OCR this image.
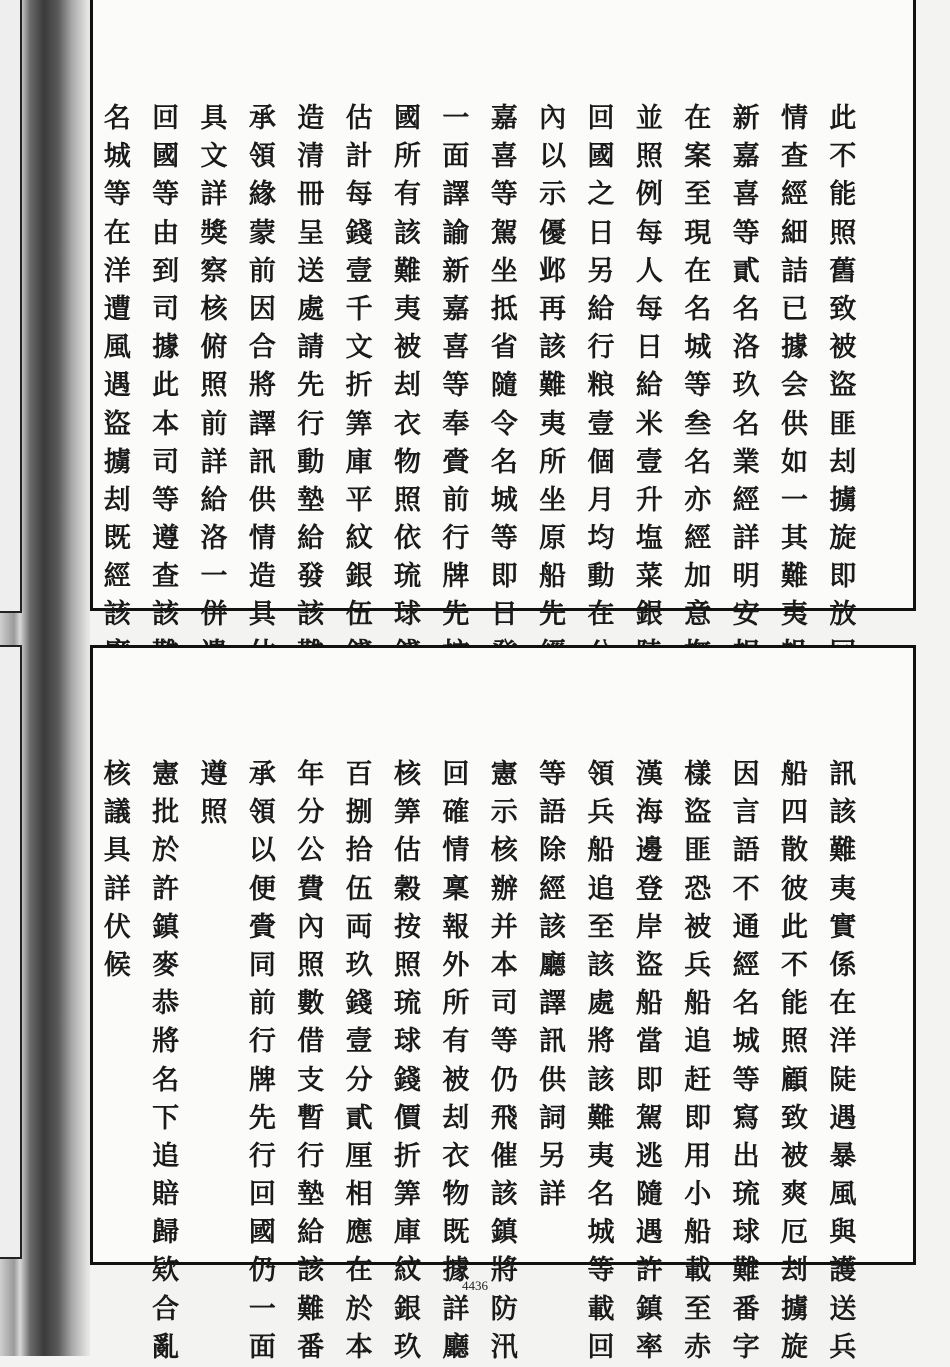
此
不
能
照
舊
致
被
盜
匪
刦
擄
旋
即
放
情
查
經
細
詰
已
據
会
供
如
一
其
難
夷
新
嘉
喜
等
貳
名
洛
玖
名
業
經
詳
明
安
在
案
至
現
在
名
城
等
叁
名
亦
經
加
意
並
照
例
每
人
每
日
給
米
壹
升
塩
菜
銀
回
國
之
日
另
給
行
粮
壹
個
月
均
動
在
內
以
示
優
邺
再
該
難
夷
所
坐
原
船
先
嘉
喜
等
駕
坐
抵
省
隨
令
名
城
等
即
日
一
面
譯
諭
新
嘉
喜
等
奉
賫
前
行
牌
先
國
所
有
該
難
夷
被
刦
衣
物
照
依
琉
球
估
計
每
錢
壹
千
文
折
筭
庫
平
紋
銀
伍
造
清
冊
呈
送
處
請
先
行
動
墊
給
發
該
承
領
緣
蒙
前
因
合
將
譯
訊
供
情
造
具
具
文
詳
獎
察
核
俯
照
前
詳
給
洛
一
併
回
國
等
由
到
司
據
此
本
司
等
遵
查
該
名
城
等
在
洋
遭
風
遇
盜
擄
刦
既
經
該
訊
該
難
夷
實
係
在
洋
陡
遇
暴
風
與
護
送
兵
船
四
散
彼
此
不
能
照
顧
致
被
爽
厄
刦
擄
旋
因
言
語
不
通
經
名
城
等
寫
出
琉
球
難
番
字
樣
盜
匪
恐
被
兵
船
追
赶
即
用
小
船
載
至
赤
漢
海
邊
登
岸
盜
船
當
即
駕
逃
隨
遇
許
鎮
率
領
兵
船
追
至
該
處
將
該
難
夷
名
城
等
載
回
等
語
除
經
該
廳
譯
訊
供
詞
另
詳
憲
示
核
辦
并
本
司
等
仍
飛
催
該
鎮
將
防
汛
回
確
情
稟
報
外
所
有
被
刦
衣
物
既
據
詳
廳
核
筭
估
穀
按
照
琉
球
錢
價
折
筭
庫
紋
銀
玖
百
捌
拾
伍
両
玖
錢
壹
分
貳
厘
相
應
在
於
本
年
分
公
費
內
照
數
借
支
暫
行
墊
給
該
難
番
承
領
以
便
賫
同
前
行
牌
先
行
回
國
仍
一
面
遵
照
憲
批
於
許
鎮
麥
恭
將
名
下
追
賠
歸
欵
合
亂
核
議
具
詳
伏
候
4436
